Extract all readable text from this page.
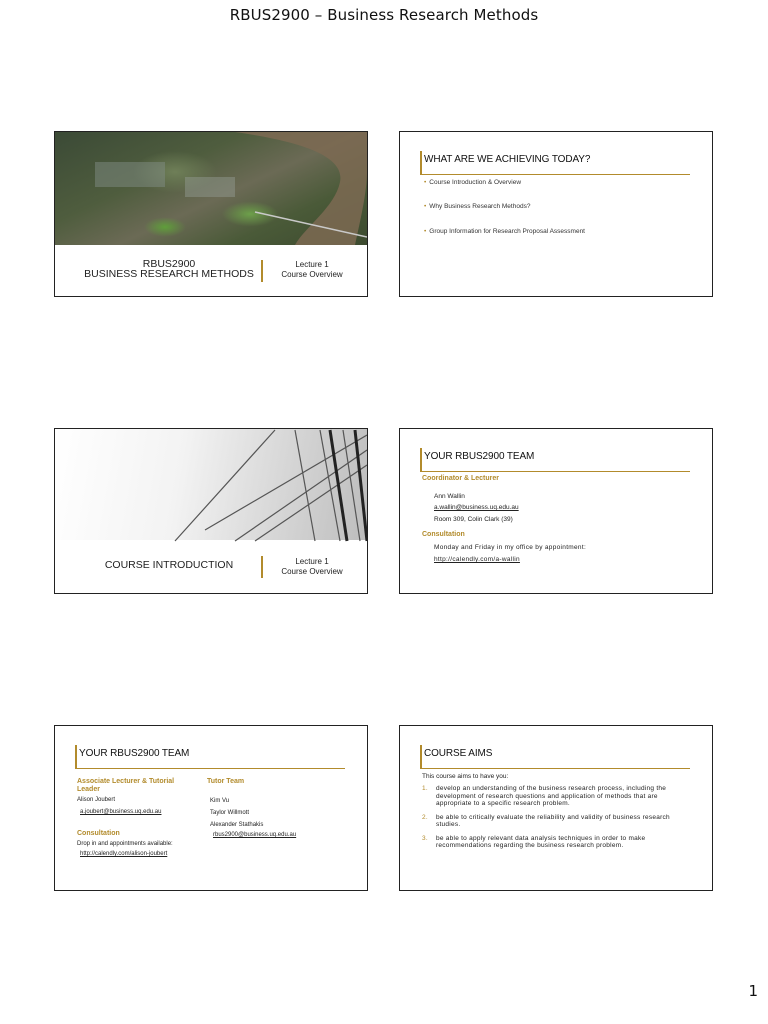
RBUS2900 – Business Research Methods
RBUS2900
BUSINESS RESEARCH METHODS
Lecture 1
Course Overview
WHAT ARE WE ACHIEVING TODAY?
• Course Introduction & Overview
• Why Business Research Methods?
• Group Information for Research Proposal Assessment
COURSE INTRODUCTION	Lecture 1
Course Overview
YOUR RBUS2900 TEAM
Coordinator & Lecturer
Ann Wallin
a.wallin@business.uq.edu.au
Room 309, Colin Clark (39)
Consultation
Monday and Friday in my office by appointment:
http://calendly.com/a-wallin
YOUR RBUS2900 TEAM
Associate Lecturer & Tutorial Leader
Alison Joubert
a.joubert@business.uq.edu.au
Consultation
Drop in and appointments available:
http://calendly.com/alison-joubert
Tutor Team
Kim Vu
Taylor Willmott
Alexander Stathakis
rbus2900@business.uq.edu.au
COURSE AIMS
This course aims to have you:
1. develop an understanding of the business research process, including the development of research questions and application of methods that are appropriate to a specific research problem.
2. be able to critically evaluate the reliability and validity of business research studies.
3. be able to apply relevant data analysis techniques in order to make recommendations regarding the business research problem.
1
